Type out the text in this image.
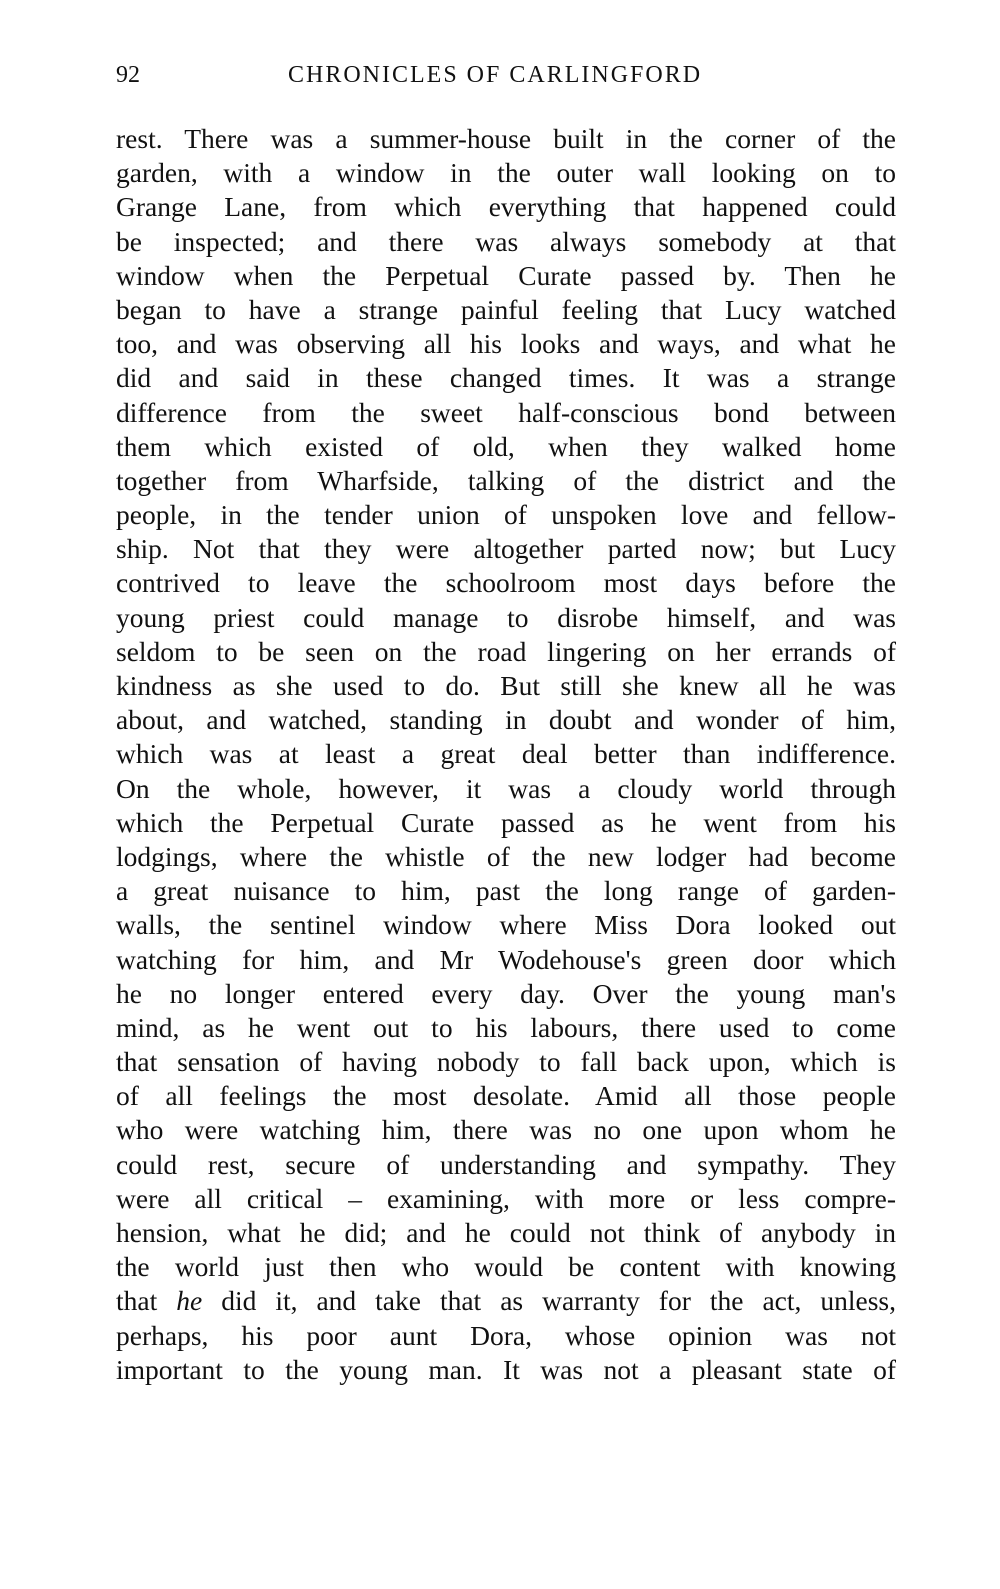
92	CHRONICLES OF CARLINGFORD
rest. There was a summer-house built in the corner of the
garden, with a window in the outer wall looking on to
Grange Lane, from which everything that happened could
be inspected; and there was always somebody at that
window when the Perpetual Curate passed by. Then he
began to have a strange painful feeling that Lucy watched
too, and was observing all his looks and ways, and what he
did and said in these changed times. It was a strange
difference from the sweet half-conscious bond between
them which existed of old, when they walked home
together from Wharfside, talking of the district and the
people, in the tender union of unspoken love and fellow-
ship. Not that they were altogether parted now; but Lucy
contrived to leave the schoolroom most days before the
young priest could manage to disrobe himself, and was
seldom to be seen on the road lingering on her errands of
kindness as she used to do. But still she knew all he was
about, and watched, standing in doubt and wonder of him,
which was at least a great deal better than indifference.
On the whole, however, it was a cloudy world through
which the Perpetual Curate passed as he went from his
lodgings, where the whistle of the new lodger had become
a great nuisance to him, past the long range of garden-
walls, the sentinel window where Miss Dora looked out
watching for him, and Mr Wodehouse's green door which
he no longer entered every day. Over the young man's
mind, as he went out to his labours, there used to come
that sensation of having nobody to fall back upon, which is
of all feelings the most desolate. Amid all those people
who were watching him, there was no one upon whom he
could rest, secure of understanding and sympathy. They
were all critical – examining, with more or less compre-
hension, what he did; and he could not think of anybody in
the world just then who would be content with knowing
that he did it, and take that as warranty for the act, unless,
perhaps, his poor aunt Dora, whose opinion was not
important to the young man. It was not a pleasant state of
